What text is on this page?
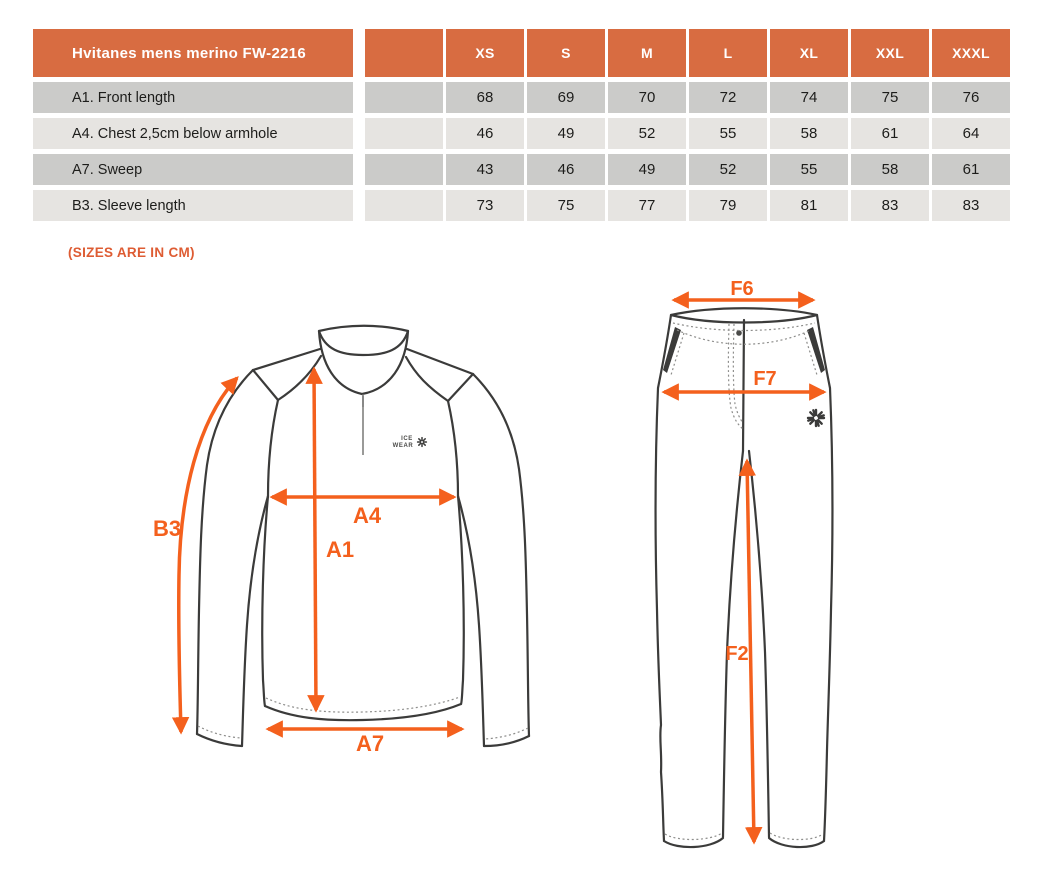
Hvitanes mens merino FW-2216	XS	S	M	L	XL	XXL	XXXL
A1. Front length	68	69	70	72	74	75	76
A4. Chest 2,5cm below armhole	46	49	52	55	58	61	64
A7. Sweep	43	46	49	52	55	58	61
B3. Sleeve length	73	75	77	79	81	83	83
(SIZES ARE IN CM)
ICE
WEAR
B3
A1
A4
A7
F6
F7
F2
